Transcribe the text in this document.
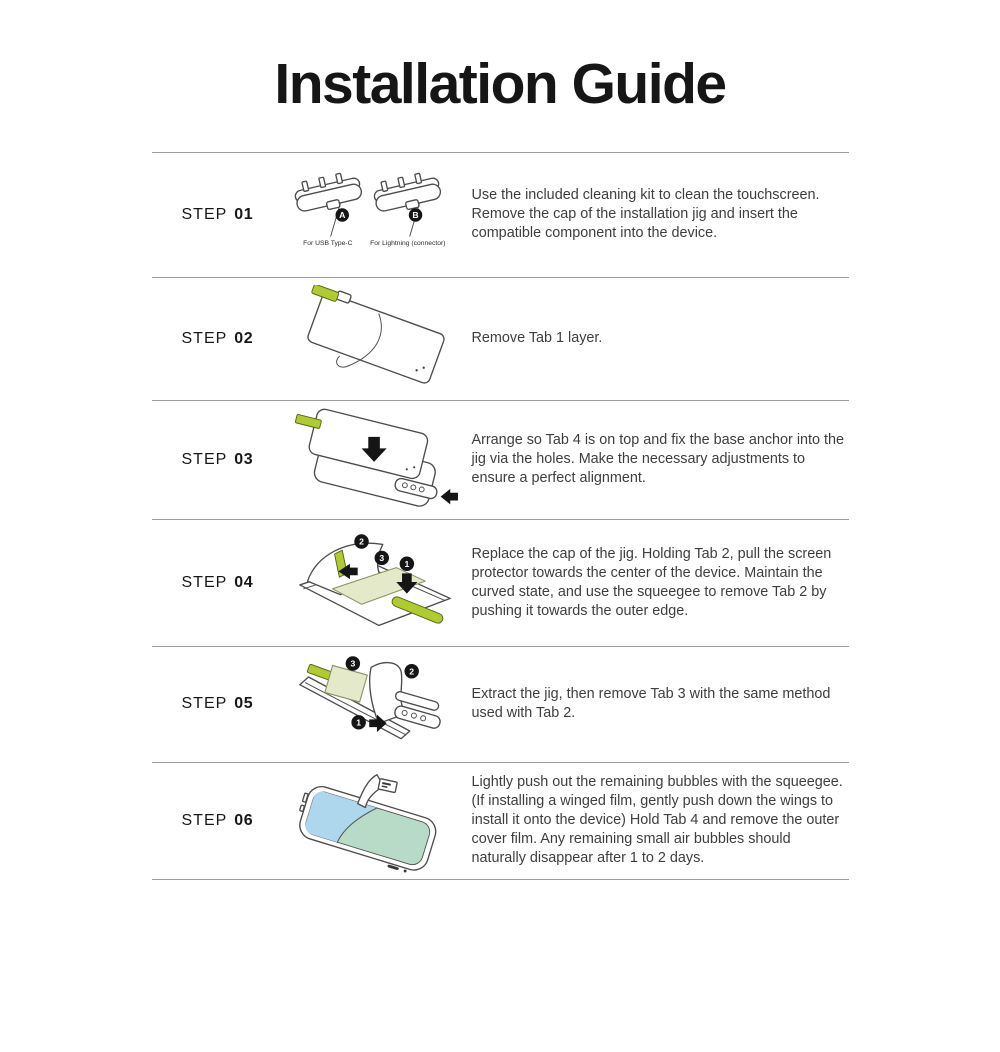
Installation Guide
STEP 01	A
For USB Type-C
B
For Lightning (connector)

Use the included cleaning kit to clean the touchscreen. Remove the cap of the installation jig and insert the compatible component into the device.

STEP 02	Remove Tab 1 layer.

STEP 03

Arrange so Tab 4 is on top and fix the base anchor into the jig via the holes. Make the necessary adjustments to ensure a perfect alignment.

STEP 04
2
3
1

Replace the cap of the jig. Holding Tab 2, pull the screen protector towards the center of the device. Maintain the curved state, and use the squeegee to remove Tab 2 by pushing it towards the outer edge.

STEP 05
3
2
1

Extract the jig, then remove Tab 3 with the same method used with Tab 2.

STEP 06

Lightly push out the remaining bubbles with the squeegee. (If installing a winged film, gently push down the wings to install it onto the device) Hold Tab 4 and remove the outer cover film. Any remaining small air bubbles should naturally disappear after 1 to 2 days.
